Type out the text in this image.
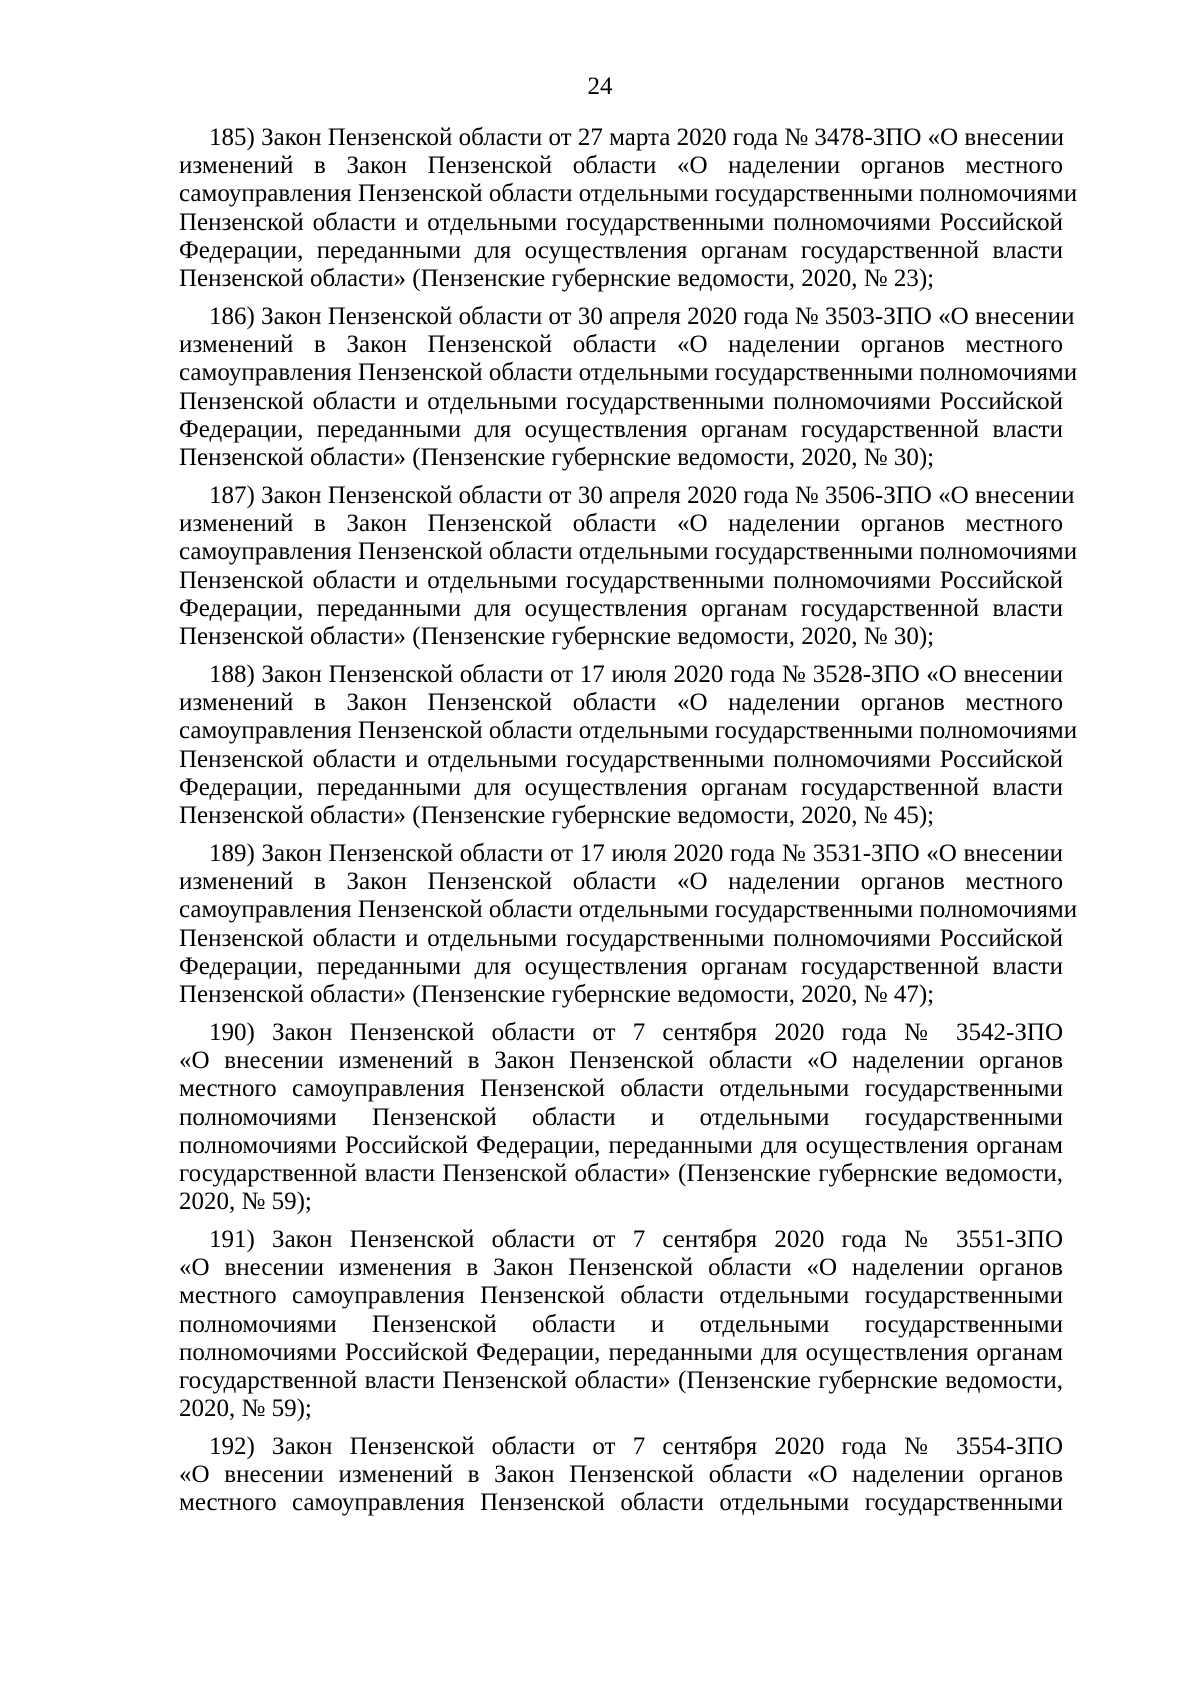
24
185) Закон Пензенской области от 27 марта 2020 года № 3478-ЗПО «О внесении
изменений в Закон Пензенской области «О наделении органов местного
самоуправления Пензенской области отдельными государственными полномочиями
Пензенской области и отдельными государственными полномочиями Российской
Федерации, переданными для осуществления органам государственной власти
Пензенской области» (Пензенские губернские ведомости, 2020, № 23);
186) Закон Пензенской области от 30 апреля 2020 года № 3503-ЗПО «О внесении
изменений в Закон Пензенской области «О наделении органов местного
самоуправления Пензенской области отдельными государственными полномочиями
Пензенской области и отдельными государственными полномочиями Российской
Федерации, переданными для осуществления органам государственной власти
Пензенской области» (Пензенские губернские ведомости, 2020, № 30);
187) Закон Пензенской области от 30 апреля 2020 года № 3506-ЗПО «О внесении
изменений в Закон Пензенской области «О наделении органов местного
самоуправления Пензенской области отдельными государственными полномочиями
Пензенской области и отдельными государственными полномочиями Российской
Федерации, переданными для осуществления органам государственной власти
Пензенской области» (Пензенские губернские ведомости, 2020, № 30);
188) Закон Пензенской области от 17 июля 2020 года № 3528-ЗПО «О внесении
изменений в Закон Пензенской области «О наделении органов местного
самоуправления Пензенской области отдельными государственными полномочиями
Пензенской области и отдельными государственными полномочиями Российской
Федерации, переданными для осуществления органам государственной власти
Пензенской области» (Пензенские губернские ведомости, 2020, № 45);
189) Закон Пензенской области от 17 июля 2020 года № 3531-ЗПО «О внесении
изменений в Закон Пензенской области «О наделении органов местного
самоуправления Пензенской области отдельными государственными полномочиями
Пензенской области и отдельными государственными полномочиями Российской
Федерации, переданными для осуществления органам государственной власти
Пензенской области» (Пензенские губернские ведомости, 2020, № 47);
190) Закон Пензенской области от 7 сентября 2020 года № 3542-ЗПО
«О внесении изменений в Закон Пензенской области «О наделении органов
местного самоуправления Пензенской области отдельными государственными
полномочиями Пензенской области и отдельными государственными
полномочиями Российской Федерации, переданными для осуществления органам
государственной власти Пензенской области» (Пензенские губернские ведомости,
2020, № 59);
191) Закон Пензенской области от 7 сентября 2020 года № 3551-ЗПО
«О внесении изменения в Закон Пензенской области «О наделении органов
местного самоуправления Пензенской области отдельными государственными
полномочиями Пензенской области и отдельными государственными
полномочиями Российской Федерации, переданными для осуществления органам
государственной власти Пензенской области» (Пензенские губернские ведомости,
2020, № 59);
192) Закон Пензенской области от 7 сентября 2020 года № 3554-ЗПО
«О внесении изменений в Закон Пензенской области «О наделении органов
местного самоуправления Пензенской области отдельными государственными
